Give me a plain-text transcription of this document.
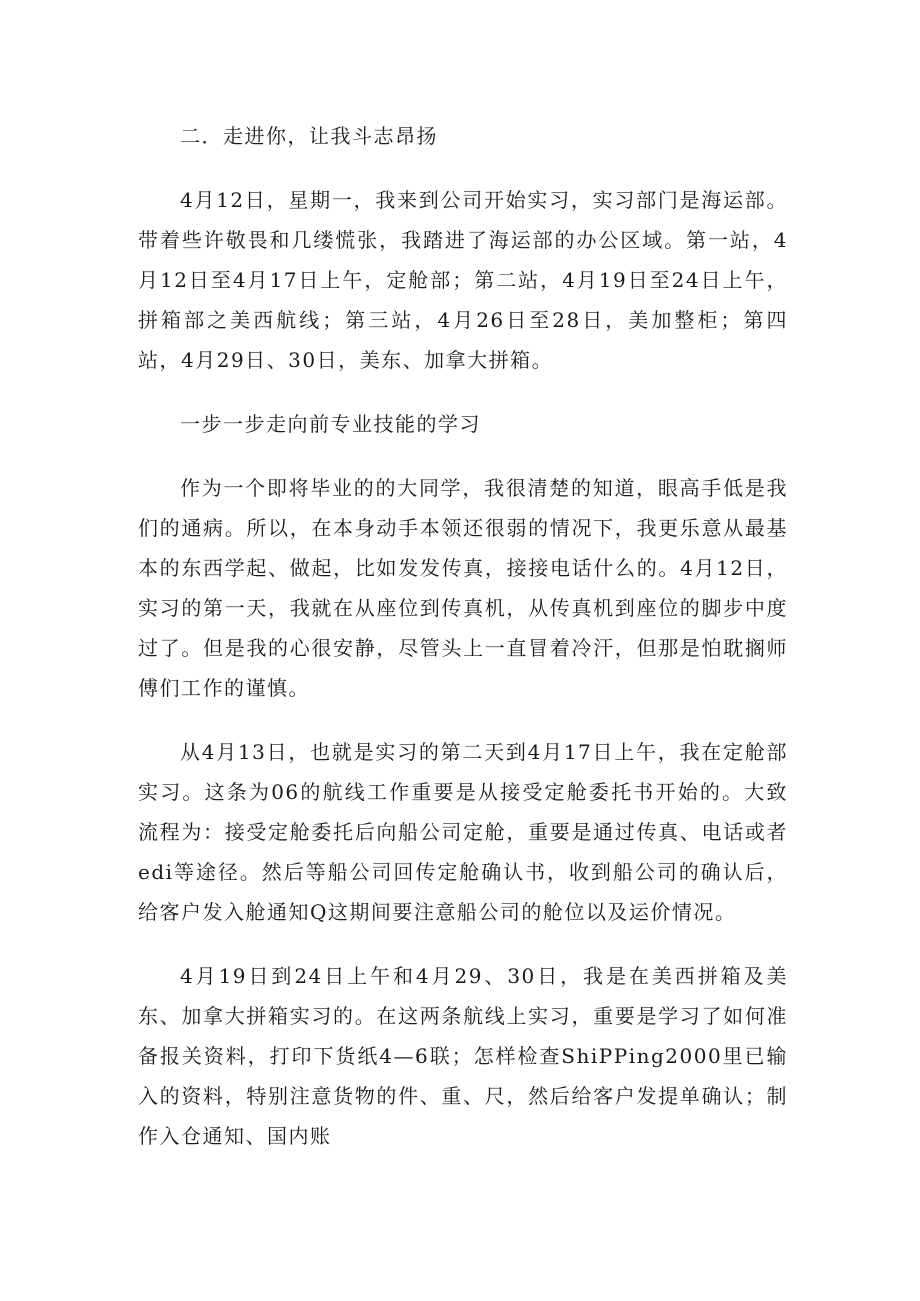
二．走进你，让我斗志昂扬

4月12日，星期一，我来到公司开始实习，实习部门是海运部。带着些许敬畏和几缕慌张，我踏进了海运部的办公区域。第一站，4月12日至4月17日上午，定舱部；第二站，4月19日至24日上午，拼箱部之美西航线；第三站，4月26日至28日，美加整柜；第四站，4月29日、30日，美东、加拿大拼箱。

一步一步走向前专业技能的学习

作为一个即将毕业的的大同学，我很清楚的知道，眼高手低是我们的通病。所以，在本身动手本领还很弱的情况下，我更乐意从最基本的东西学起、做起，比如发发传真，接接电话什么的。4月12日，实习的第一天，我就在从座位到传真机，从传真机到座位的脚步中度过了。但是我的心很安静，尽管头上一直冒着冷汗，但那是怕耽搁师傅们工作的谨慎。

从4月13日，也就是实习的第二天到4月17日上午，我在定舱部实习。这条为06的航线工作重要是从接受定舱委托书开始的。大致流程为：接受定舱委托后向船公司定舱，重要是通过传真、电话或者edi等途径。然后等船公司回传定舱确认书，收到船公司的确认后，给客户发入舱通知Q这期间要注意船公司的舱位以及运价情况。

4月19日到24日上午和4月29、30日，我是在美西拼箱及美东、加拿大拼箱实习的。在这两条航线上实习，重要是学习了如何准备报关资料，打印下货纸4—6联；怎样检查ShiPPing2000里已输入的资料，特别注意货物的件、重、尺，然后给客户发提单确认；制作入仓通知、国内账
